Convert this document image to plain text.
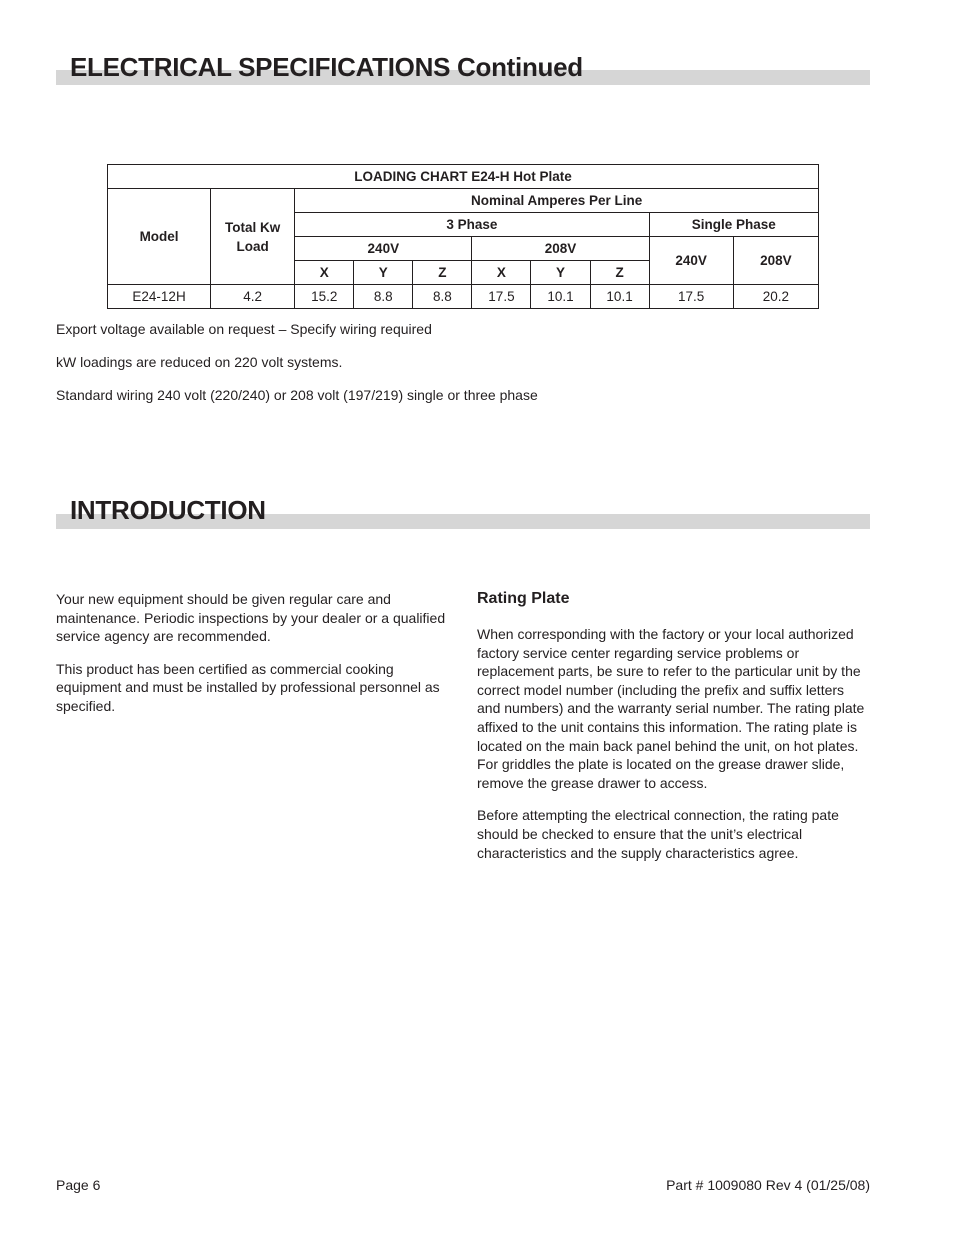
ELECTRICAL SPECIFICATIONS Continued
LOADING CHART E24-H Hot Plate									
Model	Total Kw Load	Nominal Amperes Per Line							
		3 Phase						Single Phase	
		240V			208V			240V	208V
		X	Y	Z	X	Y	Z		
E24-12H	4.2	15.2	8.8	8.8	17.5	10.1	10.1	17.5	20.2
Export voltage available on request – Specify wiring required
kW loadings are reduced on 220 volt systems.
Standard wiring 240 volt (220/240) or 208 volt (197/219) single or three phase
INTRODUCTION

Your new equipment should be given regular care and maintenance. Periodic inspections by your dealer or a qualified service agency are recommended.

This product has been certified as commercial cooking equipment and must be installed by professional personnel as specified.

Rating Plate

When corresponding with the factory or your local authorized factory service center regarding service problems or replacement parts, be sure to refer to the particular unit by the correct model number (including the prefix and suffix letters and numbers) and the warranty serial number. The rating plate affixed to the unit contains this information. The rating plate is located on the main back panel behind the unit, on hot plates. For griddles the plate is located on the grease drawer slide, remove the grease drawer to access.

Before attempting the electrical connection, the rating pate should be checked to ensure that the unit’s electrical characteristics and the supply characteristics agree.

Page 6	Part # 1009080 Rev 4 (01/25/08)
